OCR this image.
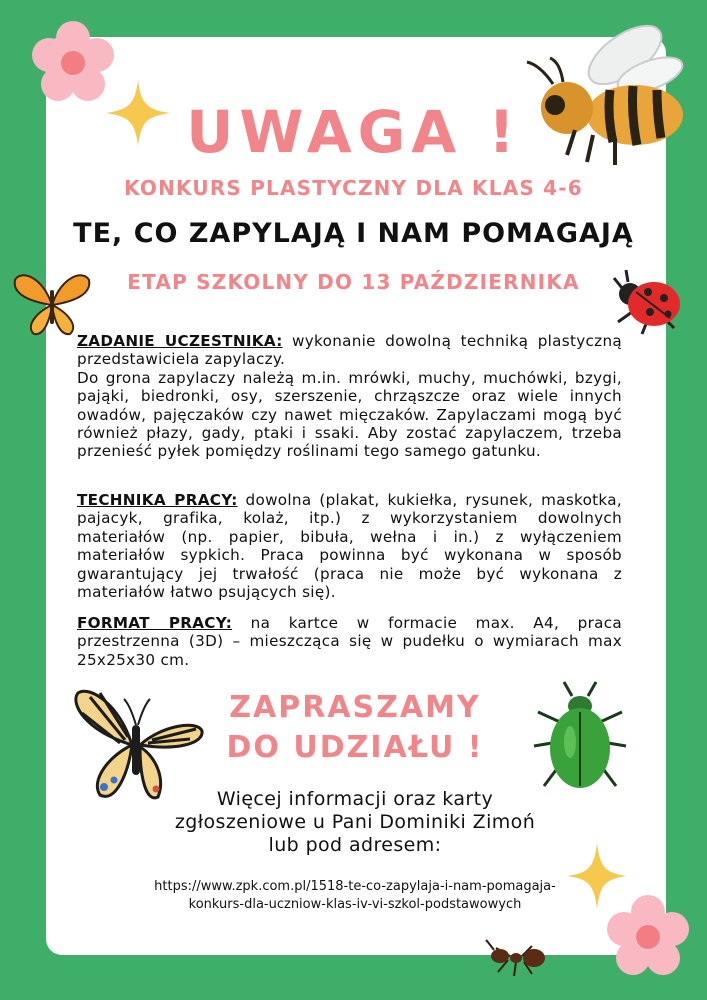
UWAGA !
KONKURS PLASTYCZNY DLA KLAS 4-6
TE, CO ZAPYLAJĄ I NAM POMAGAJĄ
ETAP SZKOLNY DO 13 PAŹDZIERNIKA

ZADANIE UCZESTNIKA: wykonanie dowolną techniką plastyczną przedstawiciela zapylaczy.

Do grona zapylaczy należą m.in. mrówki, muchy, muchówki, bzygi, pająki, biedronki, osy, szerszenie, chrząszcze oraz wiele innych owadów, pajęczaków czy nawet mięczaków. Zapylaczami mogą być również płazy, gady, ptaki i ssaki. Aby zostać zapylaczem, trzeba przenieść pyłek pomiędzy roślinami tego samego gatunku.

TECHNIKA PRACY: dowolna (plakat, kukiełka, rysunek, maskotka, pajacyk, grafika, kolaż, itp.) z wykorzystaniem dowolnych materiałów (np. papier, bibuła, wełna i in.) z wyłączeniem materiałów sypkich. Praca powinna być wykonana w sposób gwarantujący jej trwałość (praca nie może być wykonana z materiałów łatwo psujących się).

FORMAT PRACY: na kartce w formacie max. A4, praca przestrzenna (3D) – mieszcząca się w pudełku o wymiarach max 25x25x30 cm.

ZAPRASZAMY
DO UDZIAŁU !
Więcej informacji oraz karty
zgłoszeniowe u Pani Dominiki Zimoń
lub pod adresem:
https://www.zpk.com.pl/1518-te-co-zapylaja-i-nam-pomagaja-
konkurs-dla-uczniow-klas-iv-vi-szkol-podstawowych
